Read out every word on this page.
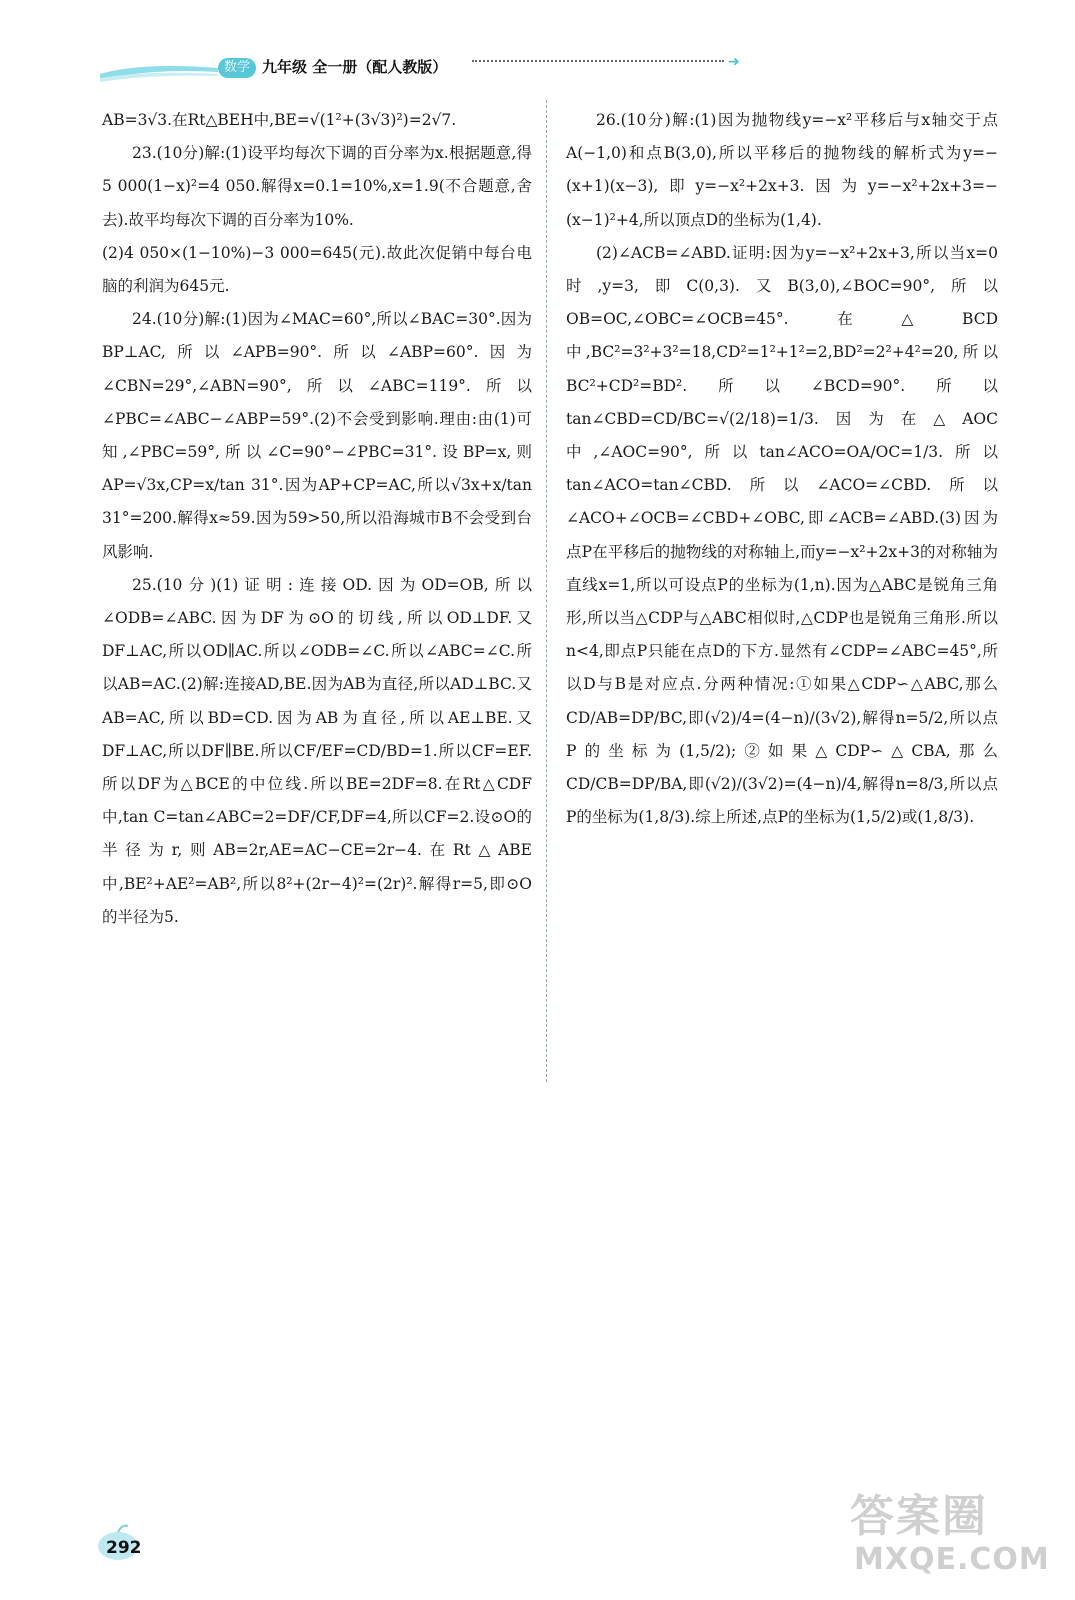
数学 九年级 全一册（配人教版）	➜

AB=3√3.在Rt△BEH中,BE=√(1²+(3√3)²)=2√7.

23.(10分)解:(1)设平均每次下调的百分率为x.根据题意,得5 000(1−x)²=4 050.解得x=0.1=10%,x=1.9(不合题意,舍去).故平均每次下调的百分率为10%.

(2)4 050×(1−10%)−3 000=645(元).故此次促销中每台电脑的利润为645元.

24.(10分)解:(1)因为∠MAC=60°,所以∠BAC=30°.因为BP⊥AC,所以∠APB=90°.所以∠ABP=60°.因为∠CBN=29°,∠ABN=90°,所以∠ABC=119°.所以∠PBC=∠ABC−∠ABP=59°.(2)不会受到影响.理由:由(1)可知,∠PBC=59°,所以∠C=90°−∠PBC=31°.设BP=x,则AP=√3x,CP=x/tan 31°.因为AP+CP=AC,所以√3x+x/tan 31°=200.解得x≈59.因为59>50,所以沿海城市B不会受到台风影响.

25.(10分)(1)证明:连接OD.因为OD=OB,所以∠ODB=∠ABC.因为DF为⊙O的切线,所以OD⊥DF.又DF⊥AC,所以OD∥AC.所以∠ODB=∠C.所以∠ABC=∠C.所以AB=AC.(2)解:连接AD,BE.因为AB为直径,所以AD⊥BC.又AB=AC,所以BD=CD.因为AB为直径,所以AE⊥BE.又DF⊥AC,所以DF∥BE.所以CF/EF=CD/BD=1.所以CF=EF.所以DF为△BCE的中位线.所以BE=2DF=8.在Rt△CDF中,tan C=tan∠ABC=2=DF/CF,DF=4,所以CF=2.设⊙O的半径为r,则AB=2r,AE=AC−CE=2r−4.在Rt△ABE中,BE²+AE²=AB²,所以8²+(2r−4)²=(2r)².解得r=5,即⊙O的半径为5.

26.(10分)解:(1)因为抛物线y=−x²平移后与x轴交于点A(−1,0)和点B(3,0),所以平移后的抛物线的解析式为y=−(x+1)(x−3),即y=−x²+2x+3.因为y=−x²+2x+3=−(x−1)²+4,所以顶点D的坐标为(1,4).

(2)∠ACB=∠ABD.证明:因为y=−x²+2x+3,所以当x=0时,y=3,即C(0,3).又B(3,0),∠BOC=90°,所以OB=OC,∠OBC=∠OCB=45°.在△BCD中,BC²=3²+3²=18,CD²=1²+1²=2,BD²=2²+4²=20,所以BC²+CD²=BD².所以∠BCD=90°.所以tan∠CBD=CD/BC=√(2/18)=1/3.因为在△AOC中,∠AOC=90°,所以tan∠ACO=OA/OC=1/3.所以tan∠ACO=tan∠CBD.所以∠ACO=∠CBD.所以∠ACO+∠OCB=∠CBD+∠OBC,即∠ACB=∠ABD.(3)因为点P在平移后的抛物线的对称轴上,而y=−x²+2x+3的对称轴为直线x=1,所以可设点P的坐标为(1,n).因为△ABC是锐角三角形,所以当△CDP与△ABC相似时,△CDP也是锐角三角形.所以n<4,即点P只能在点D的下方.显然有∠CDP=∠ABC=45°,所以D与B是对应点.分两种情况:①如果△CDP∽△ABC,那么CD/AB=DP/BC,即(√2)/4=(4−n)/(3√2),解得n=5/2,所以点P的坐标为(1,5/2);②如果△CDP∽△CBA,那么CD/CB=DP/BA,即(√2)/(3√2)=(4−n)/4,解得n=8/3,所以点P的坐标为(1,8/3).综上所述,点P的坐标为(1,5/2)或(1,8/3).

292
答案圈
MXQE.COM
